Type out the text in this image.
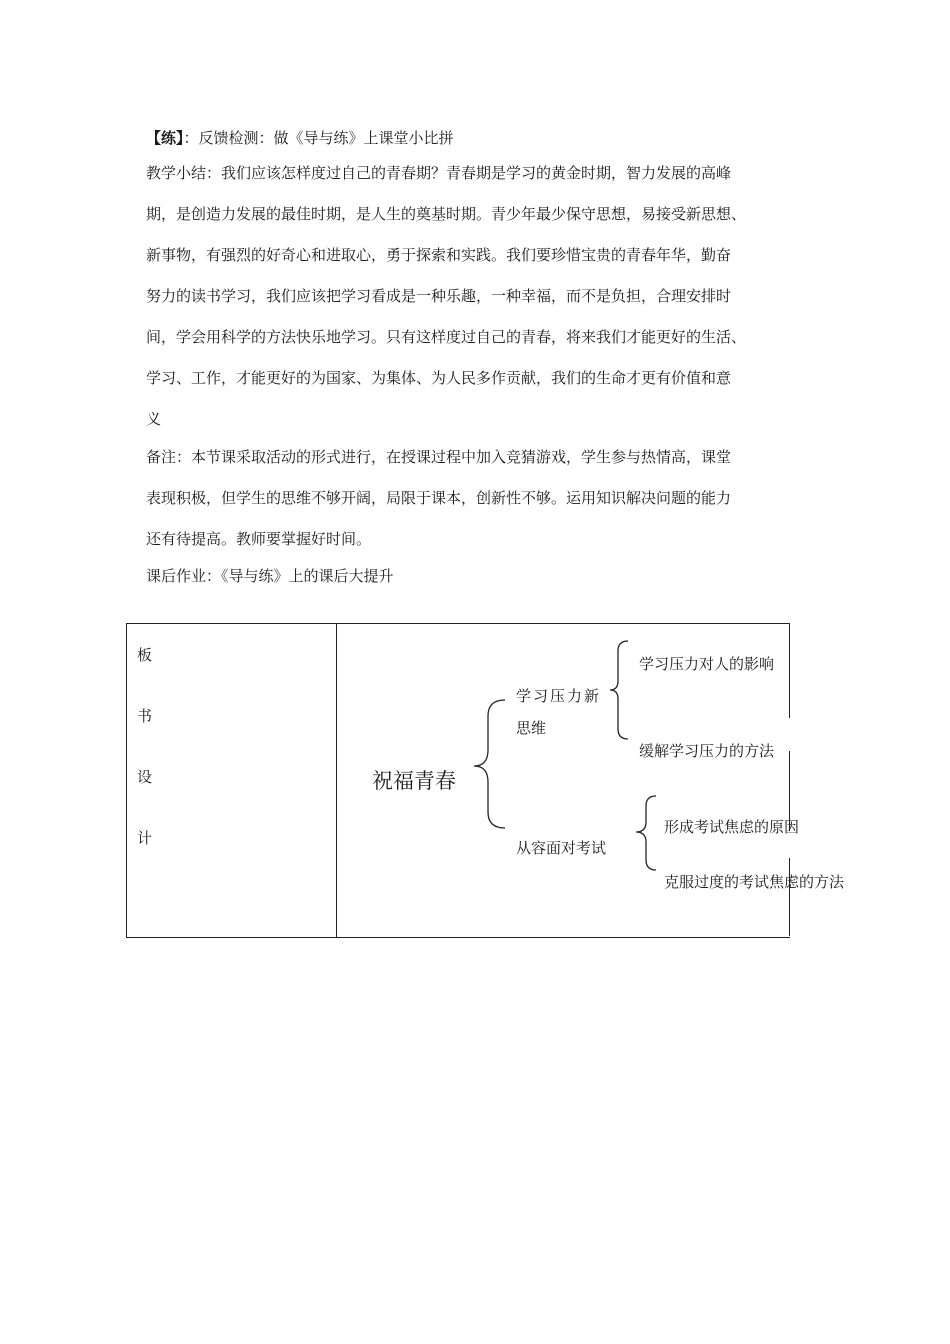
【练】：反馈检测：做《导与练》上课堂小比拼
教学小结：我们应该怎样度过自己的青春期？青春期是学习的黄金时期，智力发展的高峰
期，是创造力发展的最佳时期，是人生的奠基时期。青少年最少保守思想，易接受新思想、
新事物，有强烈的好奇心和进取心，勇于探索和实践。我们要珍惜宝贵的青春年华，勤奋
努力的读书学习，我们应该把学习看成是一种乐趣，一种幸福，而不是负担，合理安排时
间，学会用科学的方法快乐地学习。只有这样度过自己的青春，将来我们才能更好的生活、
学习、工作，才能更好的为国家、为集体、为人民多作贡献，我们的生命才更有价值和意
义
备注：本节课采取活动的形式进行，在授课过程中加入竞猜游戏，学生参与热情高，课堂
表现积极，但学生的思维不够开阔，局限于课本，创新性不够。运用知识解决问题的能力
还有待提高。教师要掌握好时间。
课后作业：《导与练》上的课后大提升
板
书
设
计
祝福青春
学习压力新
思维
学习压力对人的影响
缓解学习压力的方法
从容面对考试
形成考试焦虑的原因
克服过度的考试焦虑的方法
